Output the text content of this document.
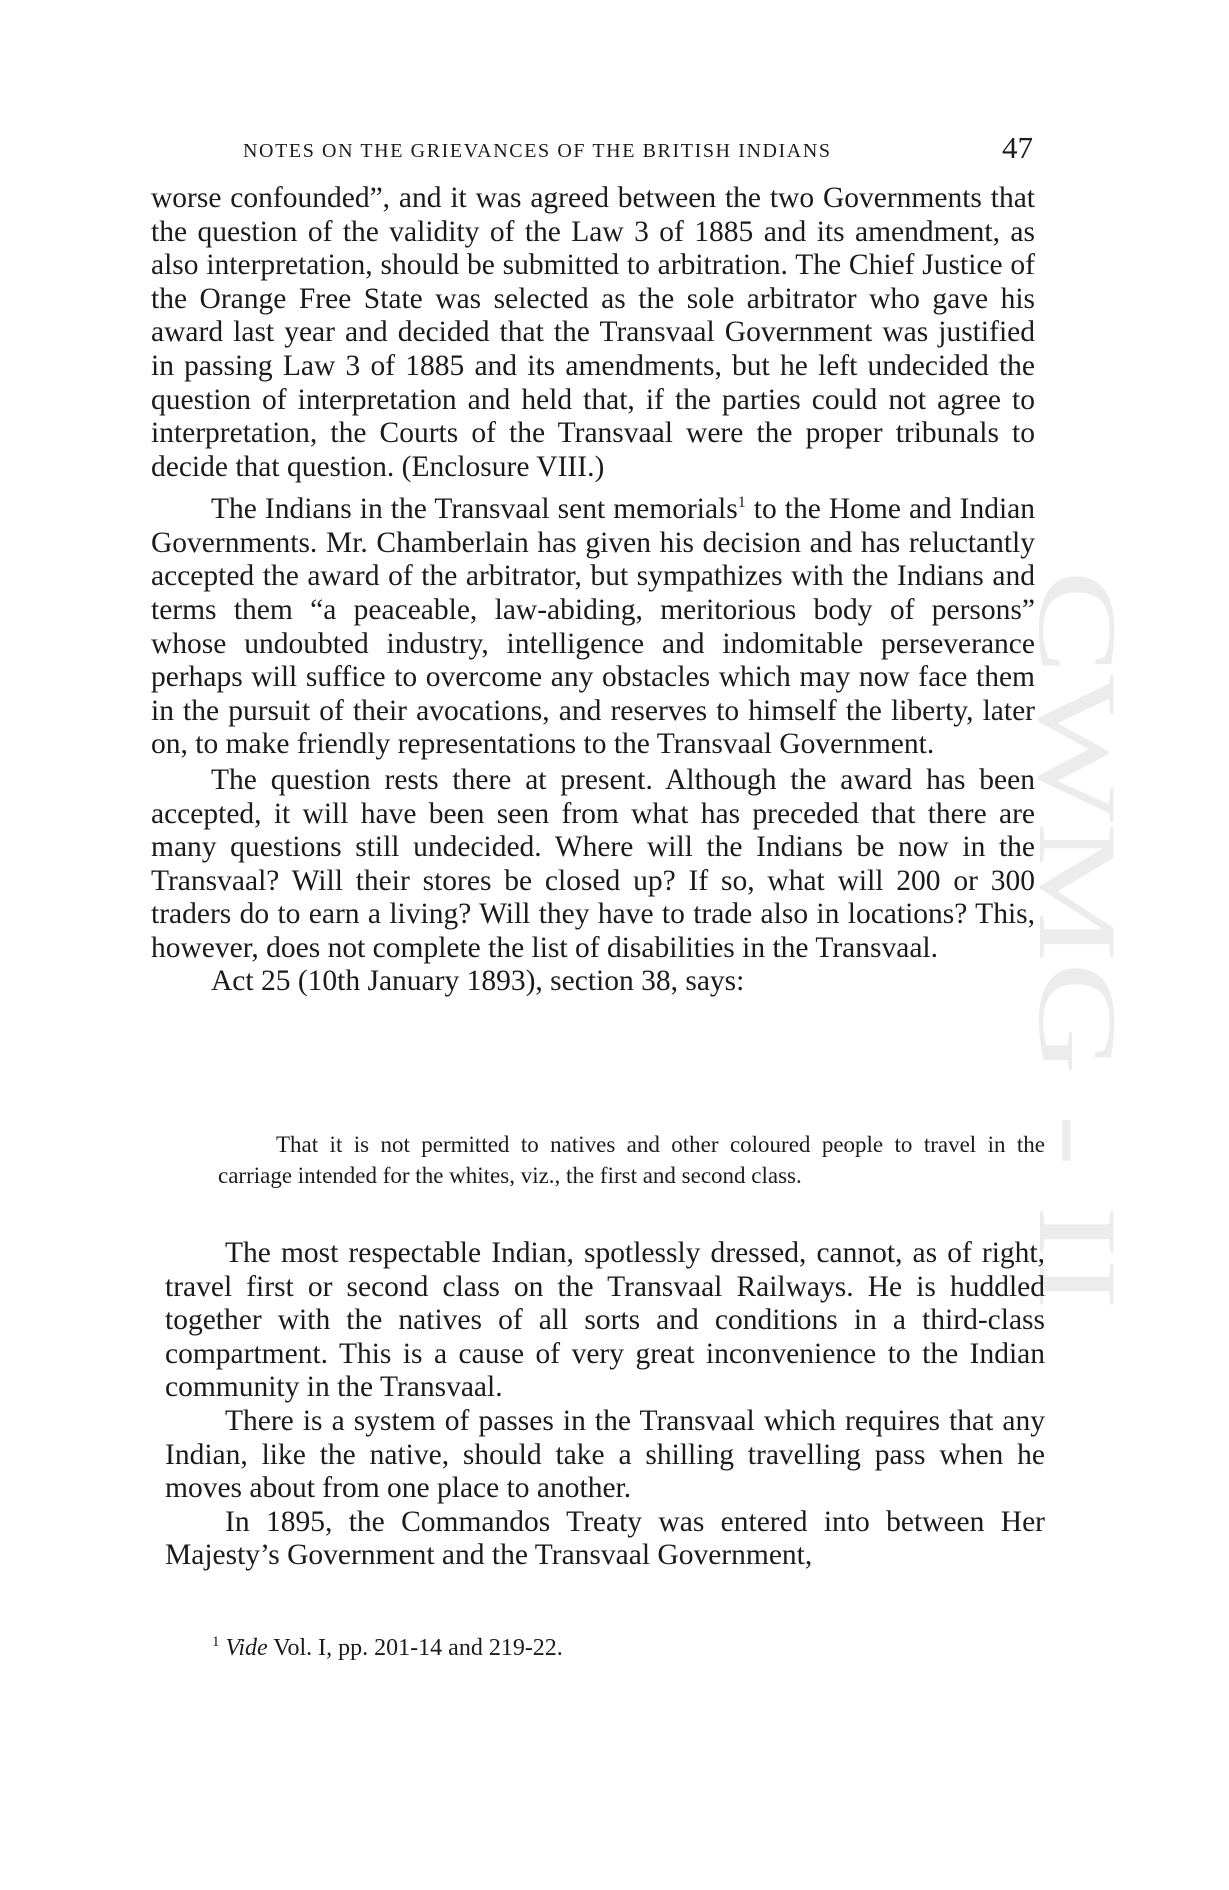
NOTES ON THE GRIEVANCES OF THE BRITISH INDIANS	47
CWMG - II

worse confounded”, and it was agreed between the two Governments that the question of the validity of the Law 3 of 1885 and its amendment, as also interpretation, should be submitted to arbitration. The Chief Justice of the Orange Free State was selected as the sole arbitrator who gave his award last year and decided that the Transvaal Government was justified in passing Law 3 of 1885 and its amendments, but he left undecided the question of interpretation and held that, if the parties could not agree to interpretation, the Courts of the Transvaal were the proper tribunals to decide that question. (Enclosure VIII.)

The Indians in the Transvaal sent memorials$^1$ to the Home and Indian Governments. Mr. Chamberlain has given his decision and has reluctantly accepted the award of the arbitrator, but sympathizes with the Indians and terms them “a peaceable, law-abiding, meritorious body of persons” whose undoubted industry, intelligence and indomitable perseverance perhaps will suffice to overcome any obstacles which may now face them in the pursuit of their avocations, and reserves to himself the liberty, later on, to make friendly representations to the Transvaal Government.

The question rests there at present. Although the award has been accepted, it will have been seen from what has preceded that there are many questions still undecided. Where will the Indians be now in the Transvaal? Will their stores be closed up? If so, what will 200 or 300 traders do to earn a living? Will they have to trade also in locations? This, however, does not complete the list of disabilities in the Transvaal.

Act 25 (10th January 1893), section 38, says:

That it is not permitted to natives and other coloured people to travel in the carriage intended for the whites, viz., the first and second class.

The most respectable Indian, spotlessly dressed, cannot, as of right, travel first or second class on the Transvaal Railways. He is huddled together with the natives of all sorts and conditions in a third-class compartment. This is a cause of very great inconvenience to the Indian community in the Transvaal.

There is a system of passes in the Transvaal which requires that any Indian, like the native, should take a shilling travelling pass when he moves about from one place to another.

In 1895, the Commandos Treaty was entered into between Her Majesty’s Government and the Transvaal Government,

$^1$ Vide Vol. I, pp. 201-14 and 219-22.
